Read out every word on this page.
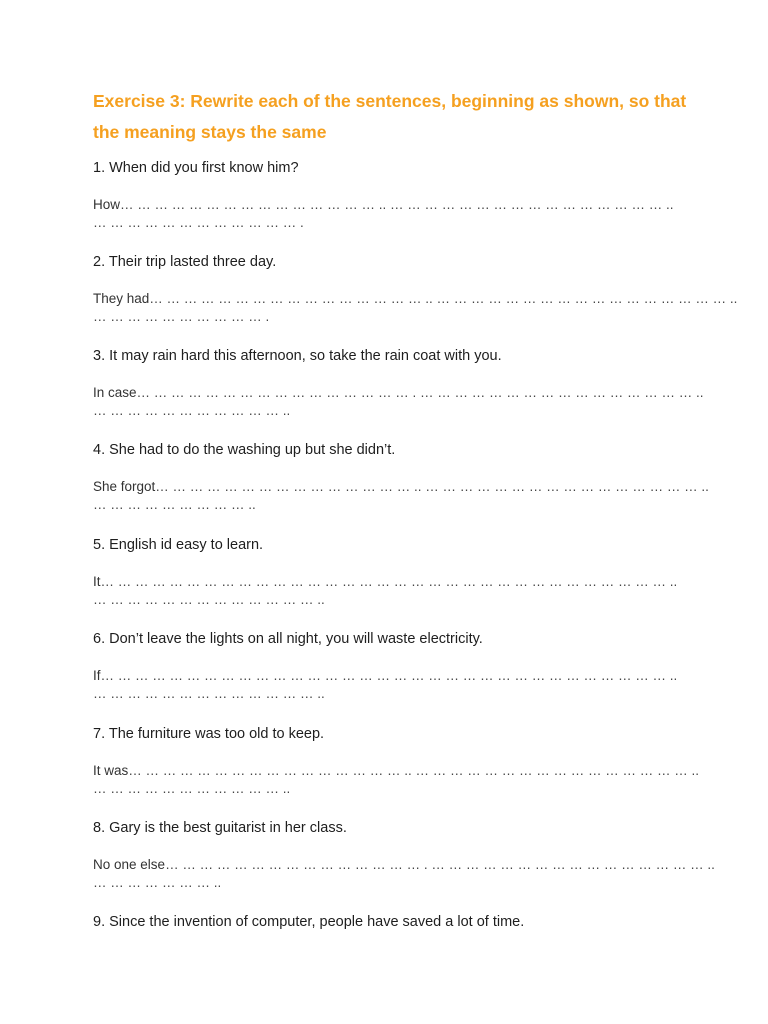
Exercise 3: Rewrite each of the sentences, beginning as shown, so that the meaning stays the same

1. When did you first know him?

How… … … … … … … … … … … … … … … .. … … … … … … … … … … … … … … … … ..
… … … … … … … … … … … … .

2. Their trip lasted three day.

They had… … … … … … … … … … … … … … … … .. … … … … … … … … … … … … … … … … … ..
… … … … … … … … … … .

3. It may rain hard this afternoon, so take the rain coat with you.

In case… … … … … … … … … … … … … … … … . … … … … … … … … … … … … … … … … ..
… … … … … … … … … … … ..

4. She had to do the washing up but she didn’t.

She forgot… … … … … … … … … … … … … … … .. … … … … … … … … … … … … … … … … ..
… … … … … … … … … ..

5. English id easy to learn.

It… … … … … … … … … … … … … … … … … … … … … … … … … … … … … … … … … ..
… … … … … … … … … … … … … ..

6. Don’t leave the lights on all night, you will waste electricity.

If… … … … … … … … … … … … … … … … … … … … … … … … … … … … … … … … … ..
… … … … … … … … … … … … … ..

7. The furniture was too old to keep.

It was… … … … … … … … … … … … … … … … .. … … … … … … … … … … … … … … … … ..
… … … … … … … … … … … ..

8. Gary is the best guitarist in her class.

No one else… … … … … … … … … … … … … … … . … … … … … … … … … … … … … … … … ..
… … … … … … … ..

9. Since the invention of computer, people have saved a lot of time.
